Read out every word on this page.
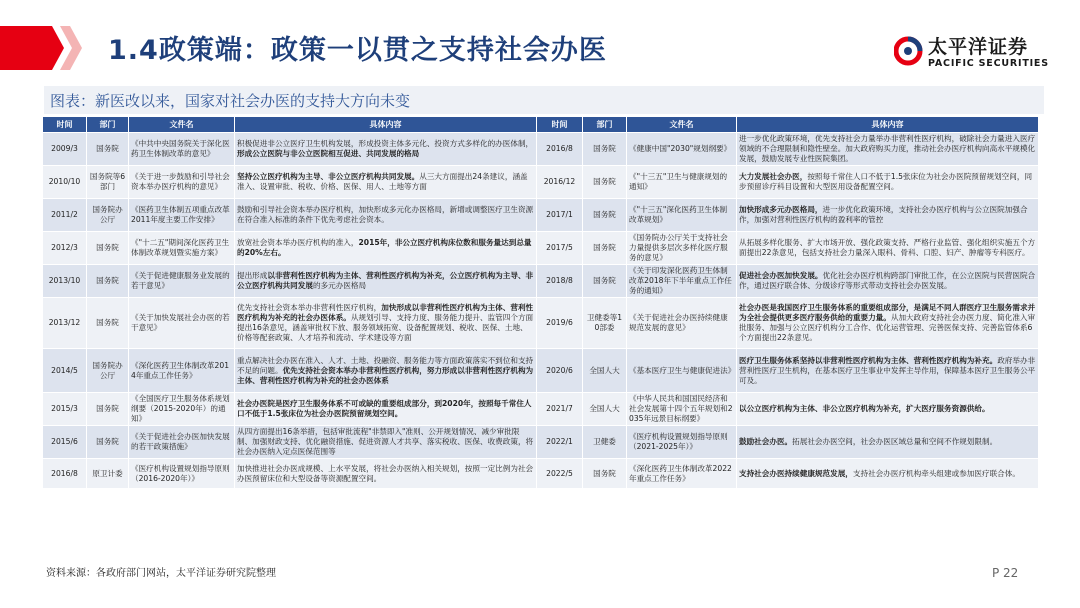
1.4政策端：政策一以贯之支持社会办医	太平洋证券
PACIFIC SECURITIES
图表：新医改以来，国家对社会办医的支持大方向未变
时间	部门	文件名	具体内容	时间	部门	文件名	具体内容
2009/3	国务院	《中共中央国务院关于深化医药卫生体制改革的意见》	积极促进非公立医疗卫生机构发展，形成投资主体多元化、投资方式多样化的办医体制，形成公立医院与非公立医院相互促进、共同发展的格局	2016/8	国务院	《健康中国"2030"规划纲要》	进一步优化政策环境，优先支持社会力量举办非营利性医疗机构，破除社会力量进入医疗领域的不合理限制和隐性壁垒。加大政府购买力度，推动社会办医疗机构向高水平规模化发展，鼓励发展专业性医院集团。
2010/10	国务院等6部门	《关于进一步鼓励和引导社会资本举办医疗机构的意见》	坚持公立医疗机构为主导、非公立医疗机构共同发展。从三大方面提出24条建议，涵盖准入、设置审批、税收、价格、医保、用人、土地等方面	2016/12	国务院	《"十三五"卫生与健康规划的通知》	大力发展社会办医，按照每千常住人口不低于1.5张床位为社会办医院预留规划空间，同步预留诊疗科目设置和大型医用设备配置空间。
2011/2	国务院办公厅	《医药卫生体制五项重点改革2011年度主要工作安排》	鼓励和引导社会资本举办医疗机构，加快形成多元化办医格局，新增或调整医疗卫生资源在符合准入标准的条件下优先考虑社会资本。	2017/1	国务院	《"十三五"深化医药卫生体制改革规划》	加快形成多元办医格局，进一步优化政策环境，支持社会办医疗机构与公立医院加强合作，加强对营利性医疗机构的盈利率的管控
2012/3	国务院	《"十二五"期间深化医药卫生体制改革规划暨实施方案》	放宽社会资本举办医疗机构的准入，2015年，非公立医疗机构床位数和服务量达到总量的20%左右。	2017/5	国务院	《国务院办公厅关于支持社会力量提供多层次多样化医疗服务的意见》	从拓展多样化服务、扩大市场开放、强化政策支持、严格行业监管、强化组织实施五个方面提出22条意见，包括支持社会力量深入眼科、骨科、口腔、妇产、肿瘤等专科医疗。
2013/10	国务院	《关于促进健康服务业发展的若干意见》	提出形成以非营利性医疗机构为主体、营利性医疗机构为补充，公立医疗机构为主导、非公立医疗机构共同发展的多元办医格局	2018/8	国务院	《关于印发深化医药卫生体制改革2018年下半年重点工作任务的通知》	促进社会办医加快发展。优化社会办医疗机构跨部门审批工作，在公立医院与民营医院合作，通过医疗联合体、分级诊疗等形式带动支持社会办医发展。
2013/12	国务院	《关于加快发展社会办医的若干意见》	优先支持社会资本举办非营利性医疗机构，加快形成以非营利性医疗机构为主体、营利性医疗机构为补充的社会办医体系。从规划引导、支持力度、服务能力提升、监管四个方面提出16条意见，涵盖审批权下放、服务领域拓宽、设备配置规划、税收、医保、土地、价格等配套政策、人才培养和流动、学术建设等方面	2019/6	卫健委等10部委	《关于促进社会办医持续健康规范发展的意见》	社会办医是我国医疗卫生服务体系的重要组成部分，是满足不同人群医疗卫生服务需求并为全社会提供更多医疗服务供给的重要力量。从加大政府支持社会办医力度、简化准入审批服务、加强与公立医疗机构分工合作、优化运营管理、完善医保支持、完善监管体系6个方面提出22条意见。
2014/5	国务院办公厅	《深化医药卫生体制改革2014年重点工作任务》	重点解决社会办医在准入、人才、土地、投融资、服务能力等方面政策落实不到位和支持不足的问题。优先支持社会资本举办非营利性医疗机构，努力形成以非营利性医疗机构为主体、营利性医疗机构为补充的社会办医体系	2020/6	全国人大	《基本医疗卫生与健康促进法》	医疗卫生服务体系坚持以非营利性医疗机构为主体、营利性医疗机构为补充。政府举办非营利性医疗卫生机构，在基本医疗卫生事业中发挥主导作用，保障基本医疗卫生服务公平可及。
2015/3	国务院	《全国医疗卫生服务体系规划纲要（2015-2020年）的通知》	社会办医院是医疗卫生服务体系不可或缺的重要组成部分，到2020年，按照每千常住人口不低于1.5张床位为社会办医院预留规划空间。	2021/7	全国人大	《中华人民共和国国民经济和社会发展第十四个五年规划和2035年远景目标纲要》	以公立医疗机构为主体、非公立医疗机构为补充，扩大医疗服务资源供给。
2015/6	国务院	《关于促进社会办医加快发展的若干政策措施》	从四方面提出16条举措，包括审批流程"非禁即入"准则、公开规划情况、减少审批限制、加强财政支持、优化融资措施、促进资源人才共享、落实税收、医保、收费政策，将社会办医纳入定点医保范围等	2022/1	卫健委	《医疗机构设置规划指导原则（2021-2025年）》	鼓励社会办医。拓展社会办医空间，社会办医区域总量和空间不作规划限制。
2016/8	原卫计委	《医疗机构设置规划指导原则（2016-2020年）》	加快推进社会办医成规模、上水平发展，将社会办医纳入相关规划，按照一定比例为社会办医预留床位和大型设备等资源配置空间。	2022/5	国务院	《深化医药卫生体制改革2022年重点工作任务》	支持社会办医持续健康规范发展，支持社会办医疗机构牵头组建或参加医疗联合体。
资料来源：各政府部门网站，太平洋证券研究院整理	P 22
